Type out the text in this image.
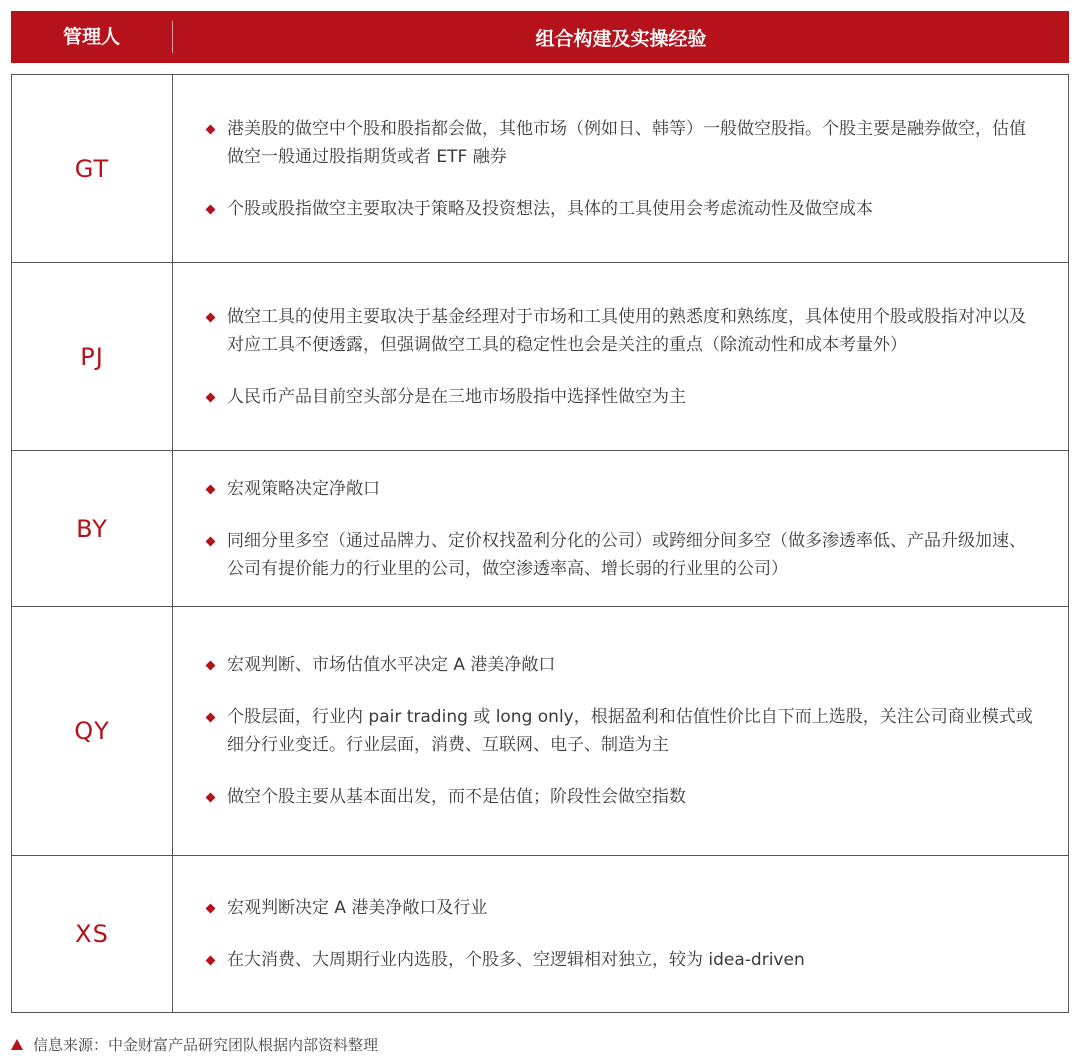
管理人	组合构建及实操经验
GT	港美股的做空中个股和股指都会做，其他市场（例如日、韩等）一般做空股指。个股主要是融券做空，估值做空一般通过股指期货或者 ETF 融券

个股或股指做空主要取决于策略及投资想法，具体的工具使用会考虑流动性及做空成本

PJ	做空工具的使用主要取决于基金经理对于市场和工具使用的熟悉度和熟练度，具体使用个股或股指对冲以及对应工具不便透露，但强调做空工具的稳定性也会是关注的重点（除流动性和成本考量外）

人民币产品目前空头部分是在三地市场股指中选择性做空为主

BY	宏观策略决定净敞口

同细分里多空（通过品牌力、定价权找盈利分化的公司）或跨细分间多空（做多渗透率低、产品升级加速、公司有提价能力的行业里的公司，做空渗透率高、增长弱的行业里的公司）

QY	宏观判断、市场估值水平决定 A 港美净敞口

个股层面，行业内 pair trading 或 long only，根据盈利和估值性价比自下而上选股，关注公司商业模式或细分行业变迁。行业层面，消费、互联网、电子、制造为主

做空个股主要从基本面出发，而不是估值；阶段性会做空指数

XS	宏观判断决定 A 港美净敞口及行业

在大消费、大周期行业内选股，个股多、空逻辑相对独立，较为 idea-driven

信息来源：中金财富产品研究团队根据内部资料整理
